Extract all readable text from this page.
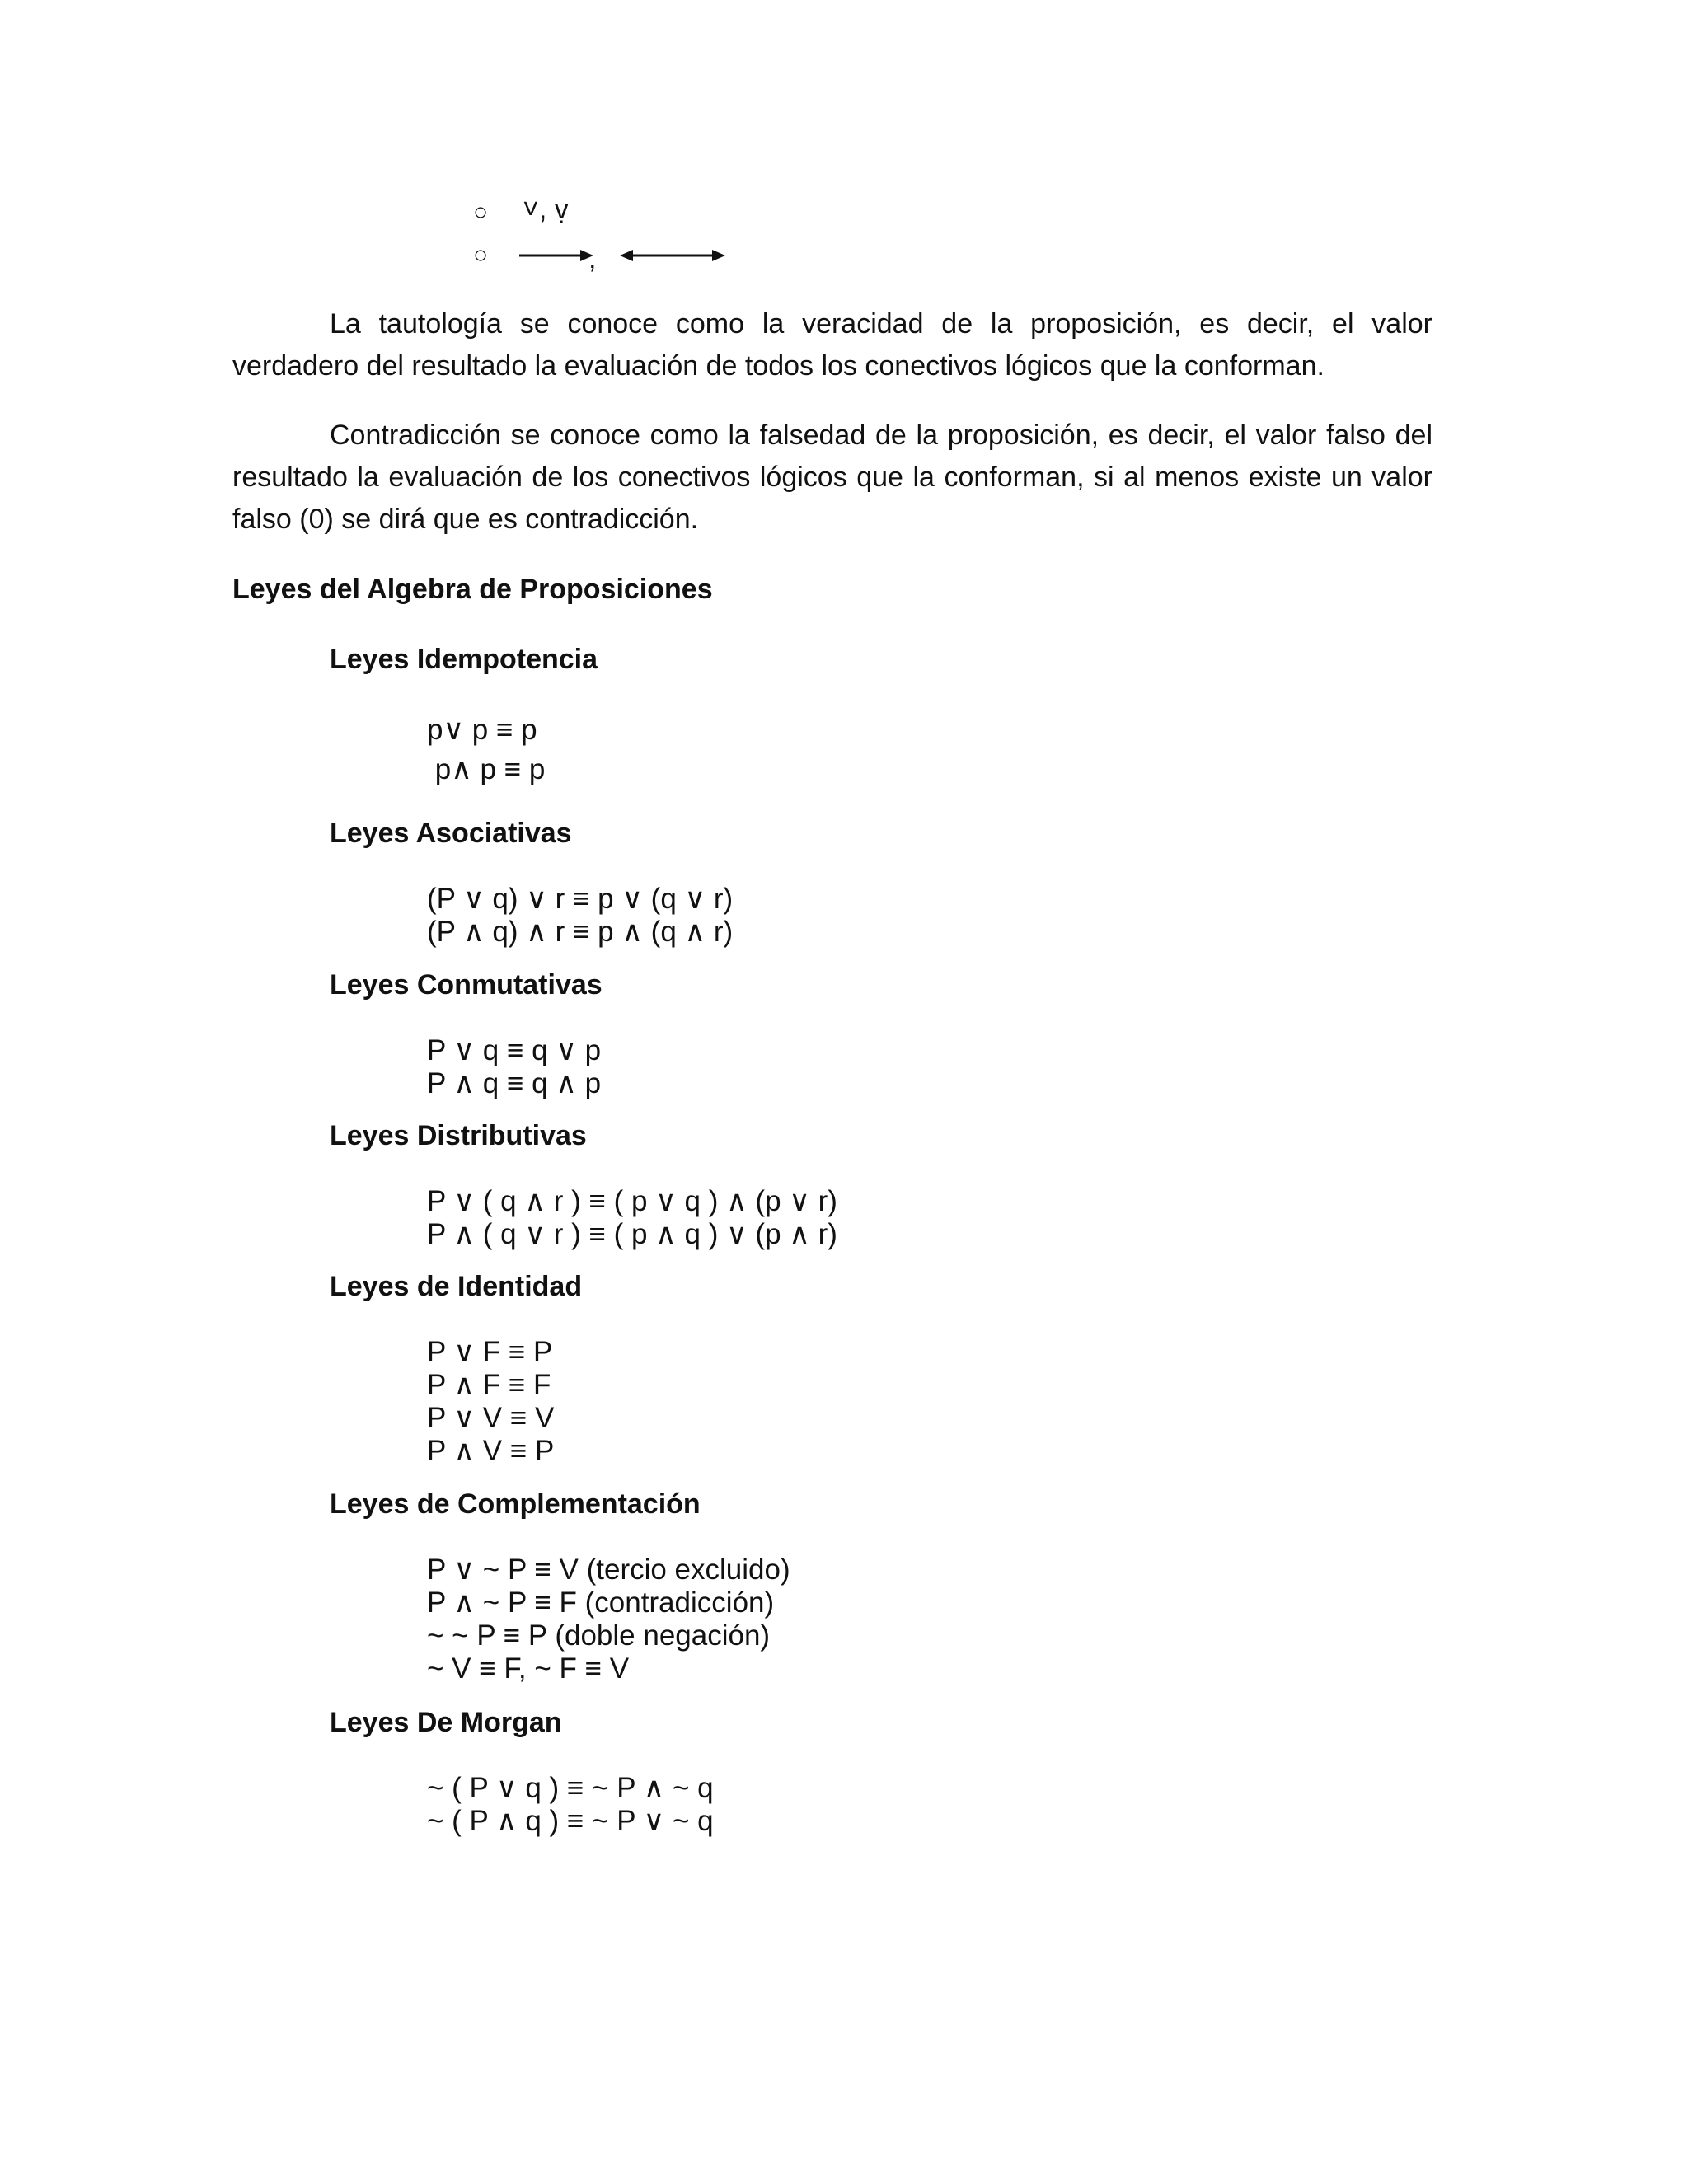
○ ˅, ṿ
○	,

La tautología se conoce como la veracidad de la proposición, es decir, el valor verdadero del resultado la evaluación de todos los conectivos lógicos que la conforman.

Contradicción se conoce como la falsedad de la proposición, es decir, el valor falso del resultado la evaluación de los conectivos lógicos que la conforman, si al menos existe un valor falso (0) se dirá que es contradicción.

Leyes del Algebra de Proposiciones
Leyes Idempotencia
p∨ p ≡ p
p∧ p ≡ p
Leyes Asociativas
(P ∨ q) ∨ r ≡ p ∨ (q ∨ r)
(P ∧ q) ∧ r ≡ p ∧ (q ∧ r)
Leyes Conmutativas
P ∨ q ≡ q ∨ p
P ∧ q ≡ q ∧ p
Leyes Distributivas
P ∨ ( q ∧ r ) ≡ ( p ∨ q ) ∧ (p ∨ r)
P ∧ ( q ∨ r ) ≡ ( p ∧ q ) ∨ (p ∧ r)
Leyes de Identidad
P ∨ F ≡ P
P ∧ F ≡ F
P ∨ V ≡ V
P ∧ V ≡ P
Leyes de Complementación
P ∨ ~ P ≡ V (tercio excluido)
P ∧ ~ P ≡ F (contradicción)
~ ~ P ≡ P (doble negación)
~ V ≡ F, ~ F ≡ V
Leyes De Morgan
~ ( P ∨ q ) ≡ ~ P ∧ ~ q
~ ( P ∧ q ) ≡ ~ P ∨ ~ q
